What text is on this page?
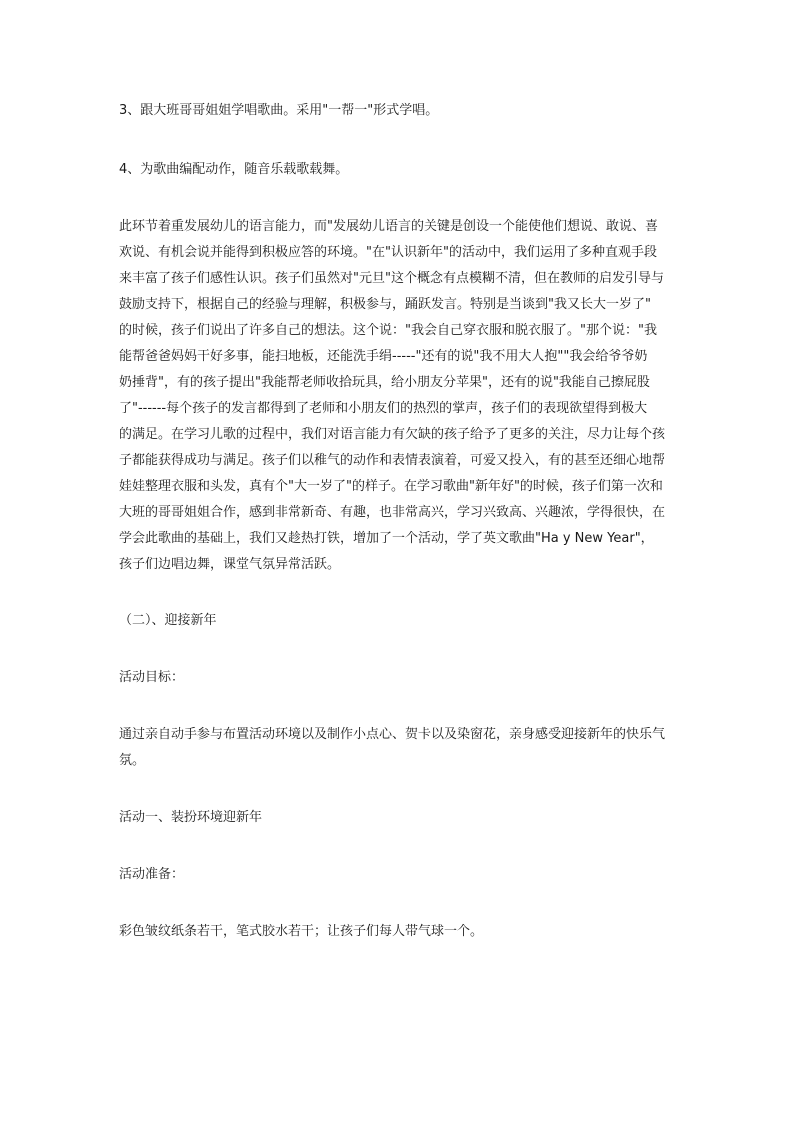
3、跟大班哥哥姐姐学唱歌曲。采用"一帮一"形式学唱。
4、为歌曲编配动作，随音乐载歌载舞。
此环节着重发展幼儿的语言能力，而"发展幼儿语言的关键是创设一个能使他们想说、敢说、喜
欢说、有机会说并能得到积极应答的环境。"在"认识新年"的活动中，我们运用了多种直观手段
来丰富了孩子们感性认识。孩子们虽然对"元旦"这个概念有点模糊不清，但在教师的启发引导与
鼓励支持下，根据自己的经验与理解，积极参与，踊跃发言。特别是当谈到"我又长大一岁了"
的时候，孩子们说出了许多自己的想法。这个说："我会自己穿衣服和脱衣服了。"那个说："我
能帮爸爸妈妈干好多事，能扫地板，还能洗手绢-----"还有的说"我不用大人抱""我会给爷爷奶
奶捶背"，有的孩子提出"我能帮老师收拾玩具，给小朋友分苹果"，还有的说"我能自己擦屁股
了"------每个孩子的发言都得到了老师和小朋友们的热烈的掌声，孩子们的表现欲望得到极大
的满足。在学习儿歌的过程中，我们对语言能力有欠缺的孩子给予了更多的关注，尽力让每个孩
子都能获得成功与满足。孩子们以稚气的动作和表情表演着，可爱又投入，有的甚至还细心地帮
娃娃整理衣服和头发，真有个"大一岁了"的样子。在学习歌曲"新年好"的时候，孩子们第一次和
大班的哥哥姐姐合作，感到非常新奇、有趣，也非常高兴，学习兴致高、兴趣浓，学得很快，在
学会此歌曲的基础上，我们又趁热打铁，增加了一个活动，学了英文歌曲"Ha y New Year"，
孩子们边唱边舞，课堂气氛异常活跃。
（二）、迎接新年
活动目标：
通过亲自动手参与布置活动环境以及制作小点心、贺卡以及染窗花，亲身感受迎接新年的快乐气
氛。
活动一、装扮环境迎新年
活动准备：
彩色皱纹纸条若干，笔式胶水若干；让孩子们每人带气球一个。
